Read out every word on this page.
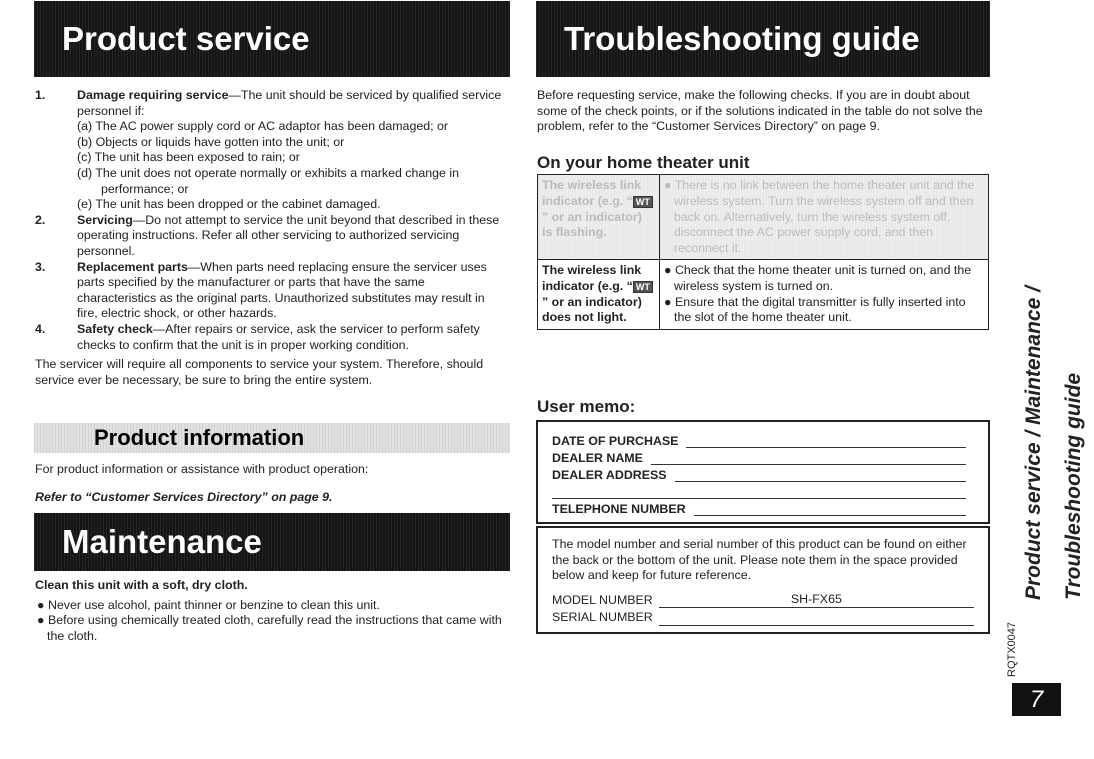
Product service	Troubleshooting guide
1.	Damage requiring service—The unit should be serviced by qualified service personnel if:
(a) The AC power supply cord or AC adaptor has been damaged; or
(b) Objects or liquids have gotten into the unit; or
(c) The unit has been exposed to rain; or
(d) The unit does not operate normally or exhibits a marked change in performance; or
(e) The unit has been dropped or the cabinet damaged.
2.	Servicing—Do not attempt to service the unit beyond that described in these operating instructions. Refer all other servicing to authorized servicing personnel.
3.	Replacement parts—When parts need replacing ensure the servicer uses parts specified by the manufacturer or parts that have the same characteristics as the original parts. Unauthorized substitutes may result in fire, electric shock, or other hazards.
4.	Safety check—After repairs or service, ask the servicer to perform safety checks to confirm that the unit is in proper working condition.
The servicer will require all components to service your system. Therefore, should service ever be necessary, be sure to bring the entire system.
Product information
For product information or assistance with product operation:
Refer to “Customer Services Directory” on page 9.
Maintenance
Clean this unit with a soft, dry cloth.
● Never use alcohol, paint thinner or benzine to clean this unit.
● Before using chemically treated cloth, carefully read the instructions that came with the cloth.
Before requesting service, make the following checks. If you are in doubt about some of the check points, or if the solutions indicated in the table do not solve the problem, refer to the “Customer Services Directory” on page 9.
On your home theater unit
The wireless link indicator (e.g. “ WT” or an indicator) is flashing.	● There is no link between the home theater unit and the wireless system. Turn the wireless system off and then back on. Alternatively, turn the wireless system off, disconnect the AC power supply cord, and then reconnect it.

The wireless link indicator (e.g. “ WT” or an indicator) does not light.	● Check that the home theater unit is turned on, and the wireless system is turned on.
● Ensure that the digital transmitter is fully inserted into the slot of the home theater unit.
User memo:
DATE OF PURCHASE
DEALER NAME
DEALER ADDRESS
TELEPHONE NUMBER
The model number and serial number of this product can be found on either the back or the bottom of the unit. Please note them in the space provided below and keep for future reference.
MODEL NUMBER	SH-FX65
SERIAL NUMBER
Product service / Maintenance / Troubleshooting guide
RQTX0047
7
